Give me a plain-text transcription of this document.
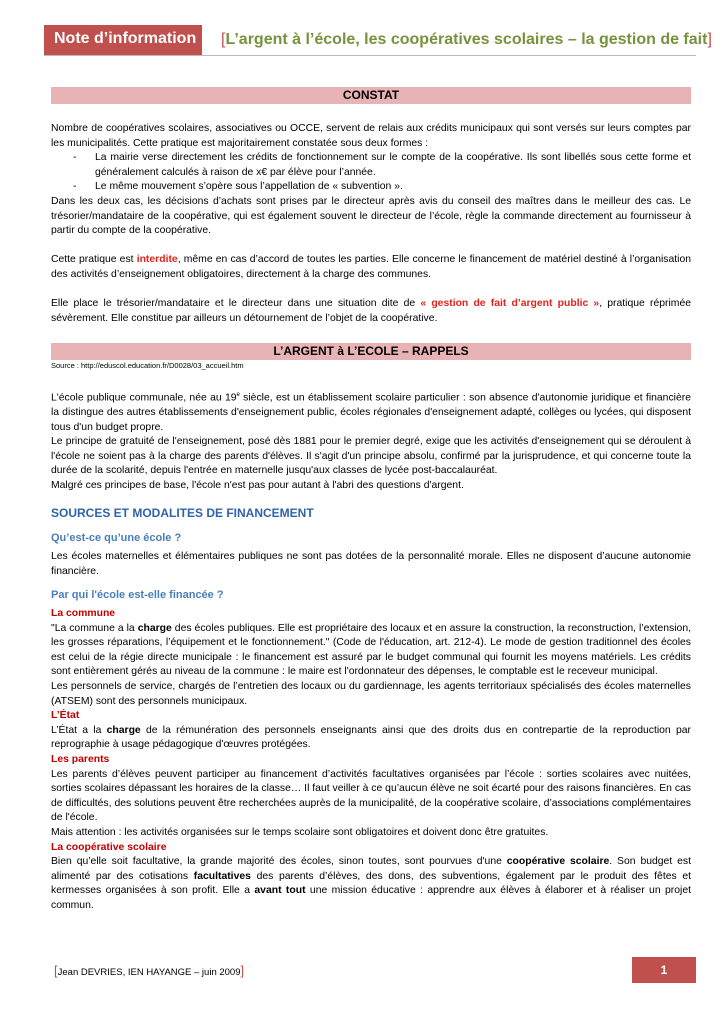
Note d’information [L’argent à l’école, les coopératives scolaires – la gestion de fait]
CONSTAT

Nombre de coopératives scolaires, associatives ou OCCE, servent de relais aux crédits municipaux qui sont versés sur leurs comptes par les municipalités. Cette pratique est majoritairement constatée sous deux formes :

- La mairie verse directement les crédits de fonctionnement sur le compte de la coopérative. Ils sont libellés sous cette forme et généralement calculés à raison de x€ par élève pour l’année.

- Le même mouvement s’opère sous l’appellation de « subvention ».

Dans les deux cas, les décisions d’achats sont prises par le directeur après avis du conseil des maîtres dans le meilleur des cas. Le trésorier/mandataire de la coopérative, qui est également souvent le directeur de l’école, règle la commande directement au fournisseur à partir du compte de la coopérative.

Cette pratique est interdite, même en cas d’accord de toutes les parties. Elle concerne le financement de matériel destiné à l’organisation des activités d’enseignement obligatoires, directement à la charge des communes.

Elle place le trésorier/mandataire et le directeur dans une situation dite de « gestion de fait d’argent public », pratique réprimée sévèrement. Elle constitue par ailleurs un détournement de l’objet de la coopérative.

L’ARGENT à L’ECOLE – RAPPELS
Source : http://eduscol.education.fr/D0028/03_accueil.htm

L'école publique communale, née au 19e siècle, est un établissement scolaire particulier : son absence d'autonomie juridique et financière la distingue des autres établissements d'enseignement public, écoles régionales d'enseignement adapté, collèges ou lycées, qui disposent tous d'un budget propre.

Le principe de gratuité de l'enseignement, posé dès 1881 pour le premier degré, exige que les activités d'enseignement qui se déroulent à l'école ne soient pas à la charge des parents d'élèves. Il s'agit d'un principe absolu, confirmé par la jurisprudence, et qui concerne toute la durée de la scolarité, depuis l'entrée en maternelle jusqu'aux classes de lycée post-baccalauréat.

Malgré ces principes de base, l'école n'est pas pour autant à l'abri des questions d'argent.

SOURCES ET MODALITES DE FINANCEMENT
Qu’est-ce qu’une école ?

Les écoles maternelles et élémentaires publiques ne sont pas dotées de la personnalité morale. Elles ne disposent d’aucune autonomie financière.

Par qui l'école est-elle financée ?
La commune

"La commune a la charge des écoles publiques. Elle est propriétaire des locaux et en assure la construction, la reconstruction, l’extension, les grosses réparations, l’équipement et le fonctionnement." (Code de l'éducation, art. 212-4). Le mode de gestion traditionnel des écoles est celui de la régie directe municipale : le financement est assuré par le budget communal qui fournit les moyens matériels. Les crédits sont entièrement gérés au niveau de la commune : le maire est l'ordonnateur des dépenses, le comptable est le receveur municipal.

Les personnels de service, chargés de l’entretien des locaux ou du gardiennage, les agents territoriaux spécialisés des écoles maternelles (ATSEM) sont des personnels municipaux.

L’État

L’État a la charge de la rémunération des personnels enseignants ainsi que des droits dus en contrepartie de la reproduction par reprographie à usage pédagogique d'œuvres protégées.

Les parents

Les parents d’élèves peuvent participer au financement d’activités facultatives organisées par l’école : sorties scolaires avec nuitées, sorties scolaires dépassant les horaires de la classe… Il faut veiller à ce qu’aucun élève ne soit écarté pour des raisons financières. En cas de difficultés, des solutions peuvent être recherchées auprès de la municipalité, de la coopérative scolaire, d’associations complémentaires de l'école.

Mais attention : les activités organisées sur le temps scolaire sont obligatoires et doivent donc être gratuites.

La coopérative scolaire

Bien qu’elle soit facultative, la grande majorité des écoles, sinon toutes, sont pourvues d'une coopérative scolaire. Son budget est alimenté par des cotisations facultatives des parents d’élèves, des dons, des subventions, également par le produit des fêtes et kermesses organisées à son profit. Elle a avant tout une mission éducative : apprendre aux élèves à élaborer et à réaliser un projet commun.

[Jean DEVRIES, IEN HAYANGE – juin 2009]	1
